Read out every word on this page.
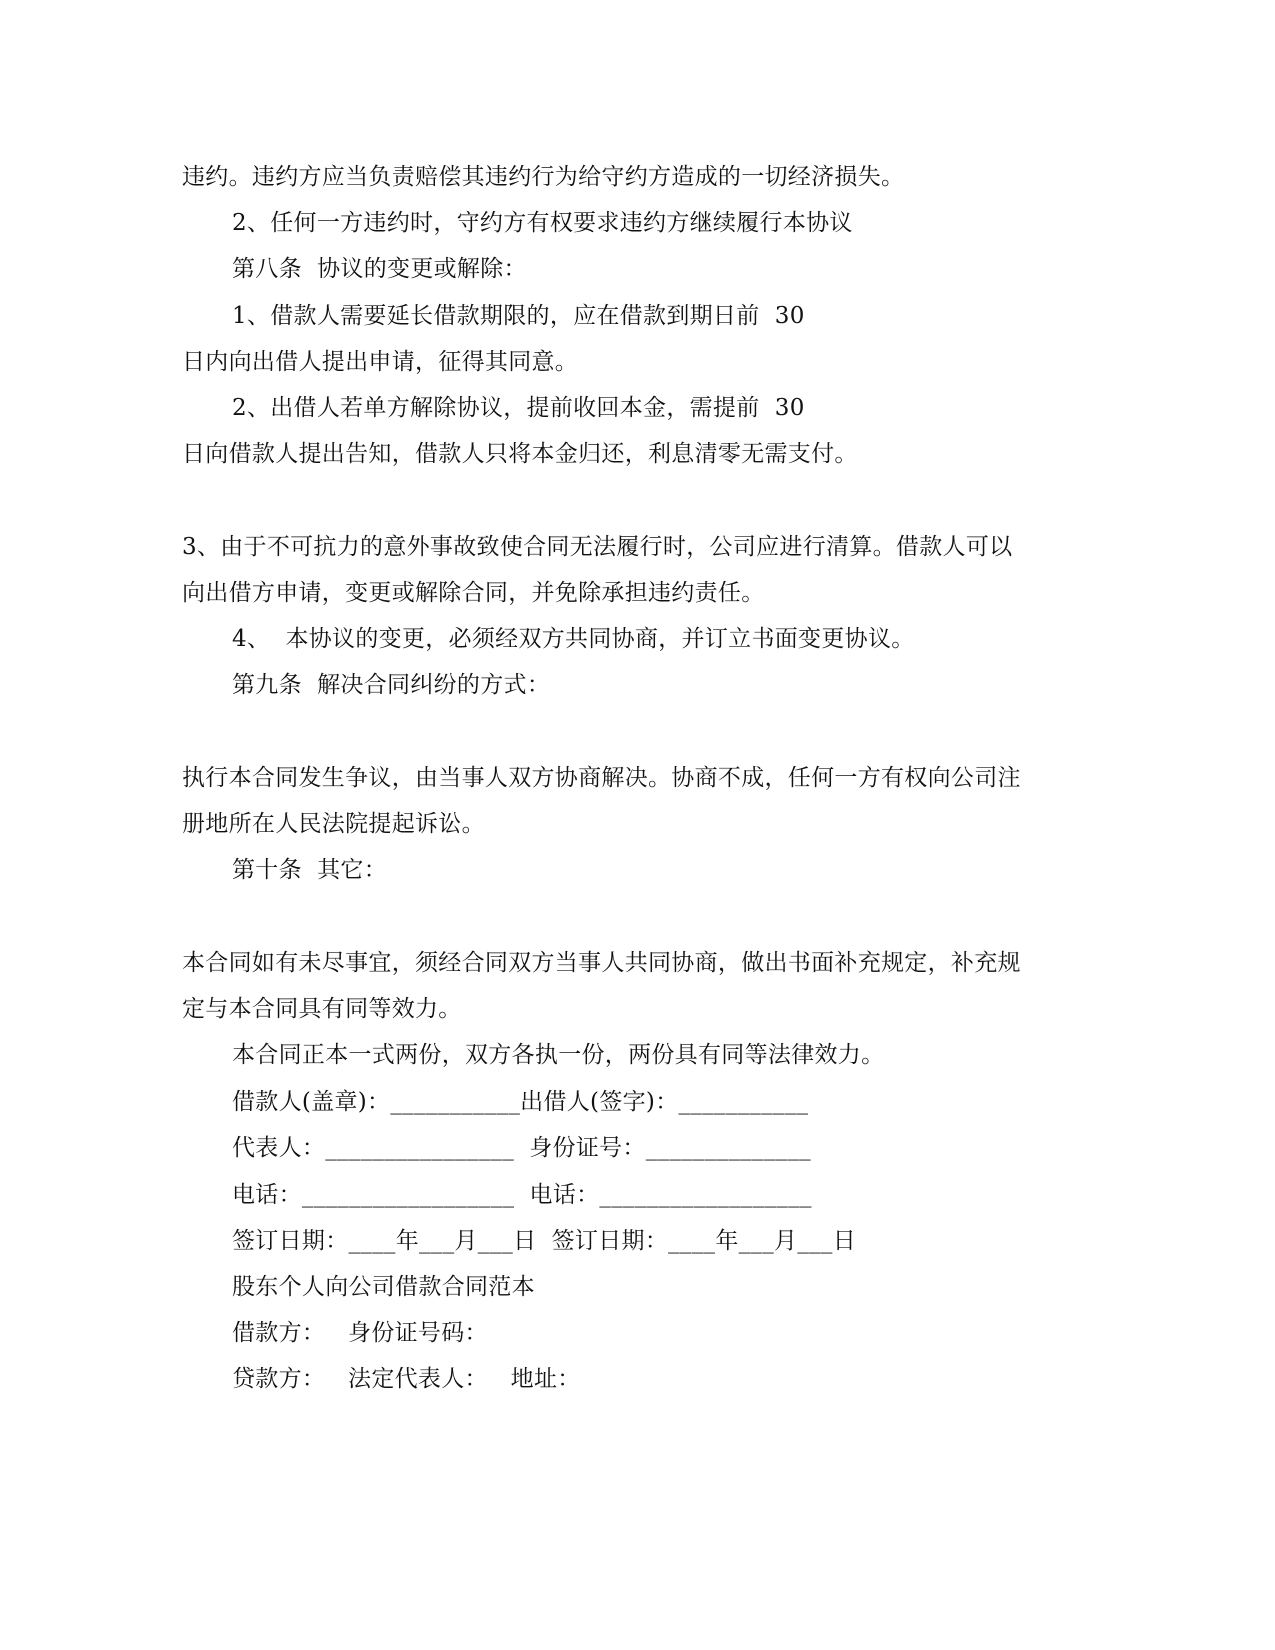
违约。违约方应当负责赔偿其违约行为给守约方造成的一切经济损失。
2、任何一方违约时，守约方有权要求违约方继续履行本协议
第八条  协议的变更或解除：
1、借款人需要延长借款期限的，应在借款到期日前  30
日内向出借人提出申请，征得其同意。
2、出借人若单方解除协议，提前收回本金，需提前  30
日向借款人提出告知，借款人只将本金归还，利息清零无需支付。
3、由于不可抗力的意外事故致使合同无法履行时，公司应进行清算。借款人可以
向出借方申请，变更或解除合同，并免除承担违约责任。
4、  本协议的变更，必须经双方共同协商，并订立书面变更协议。
第九条  解决合同纠纷的方式：
执行本合同发生争议，由当事人双方协商解决。协商不成，任何一方有权向公司注
册地所在人民法院提起诉讼。
第十条  其它：
本合同如有未尽事宜，须经合同双方当事人共同协商，做出书面补充规定，补充规
定与本合同具有同等效力。
本合同正本一式两份，双方各执一份，两份具有同等法律效力。
借款人(盖章)：___________出借人(签字)：___________
代表人：________________  身份证号：______________
电话：__________________  电话：__________________
签订日期：____年___月___日  签订日期：____年___月___日
股东个人向公司借款合同范本
借款方：   身份证号码：
贷款方：   法定代表人：   地址：
